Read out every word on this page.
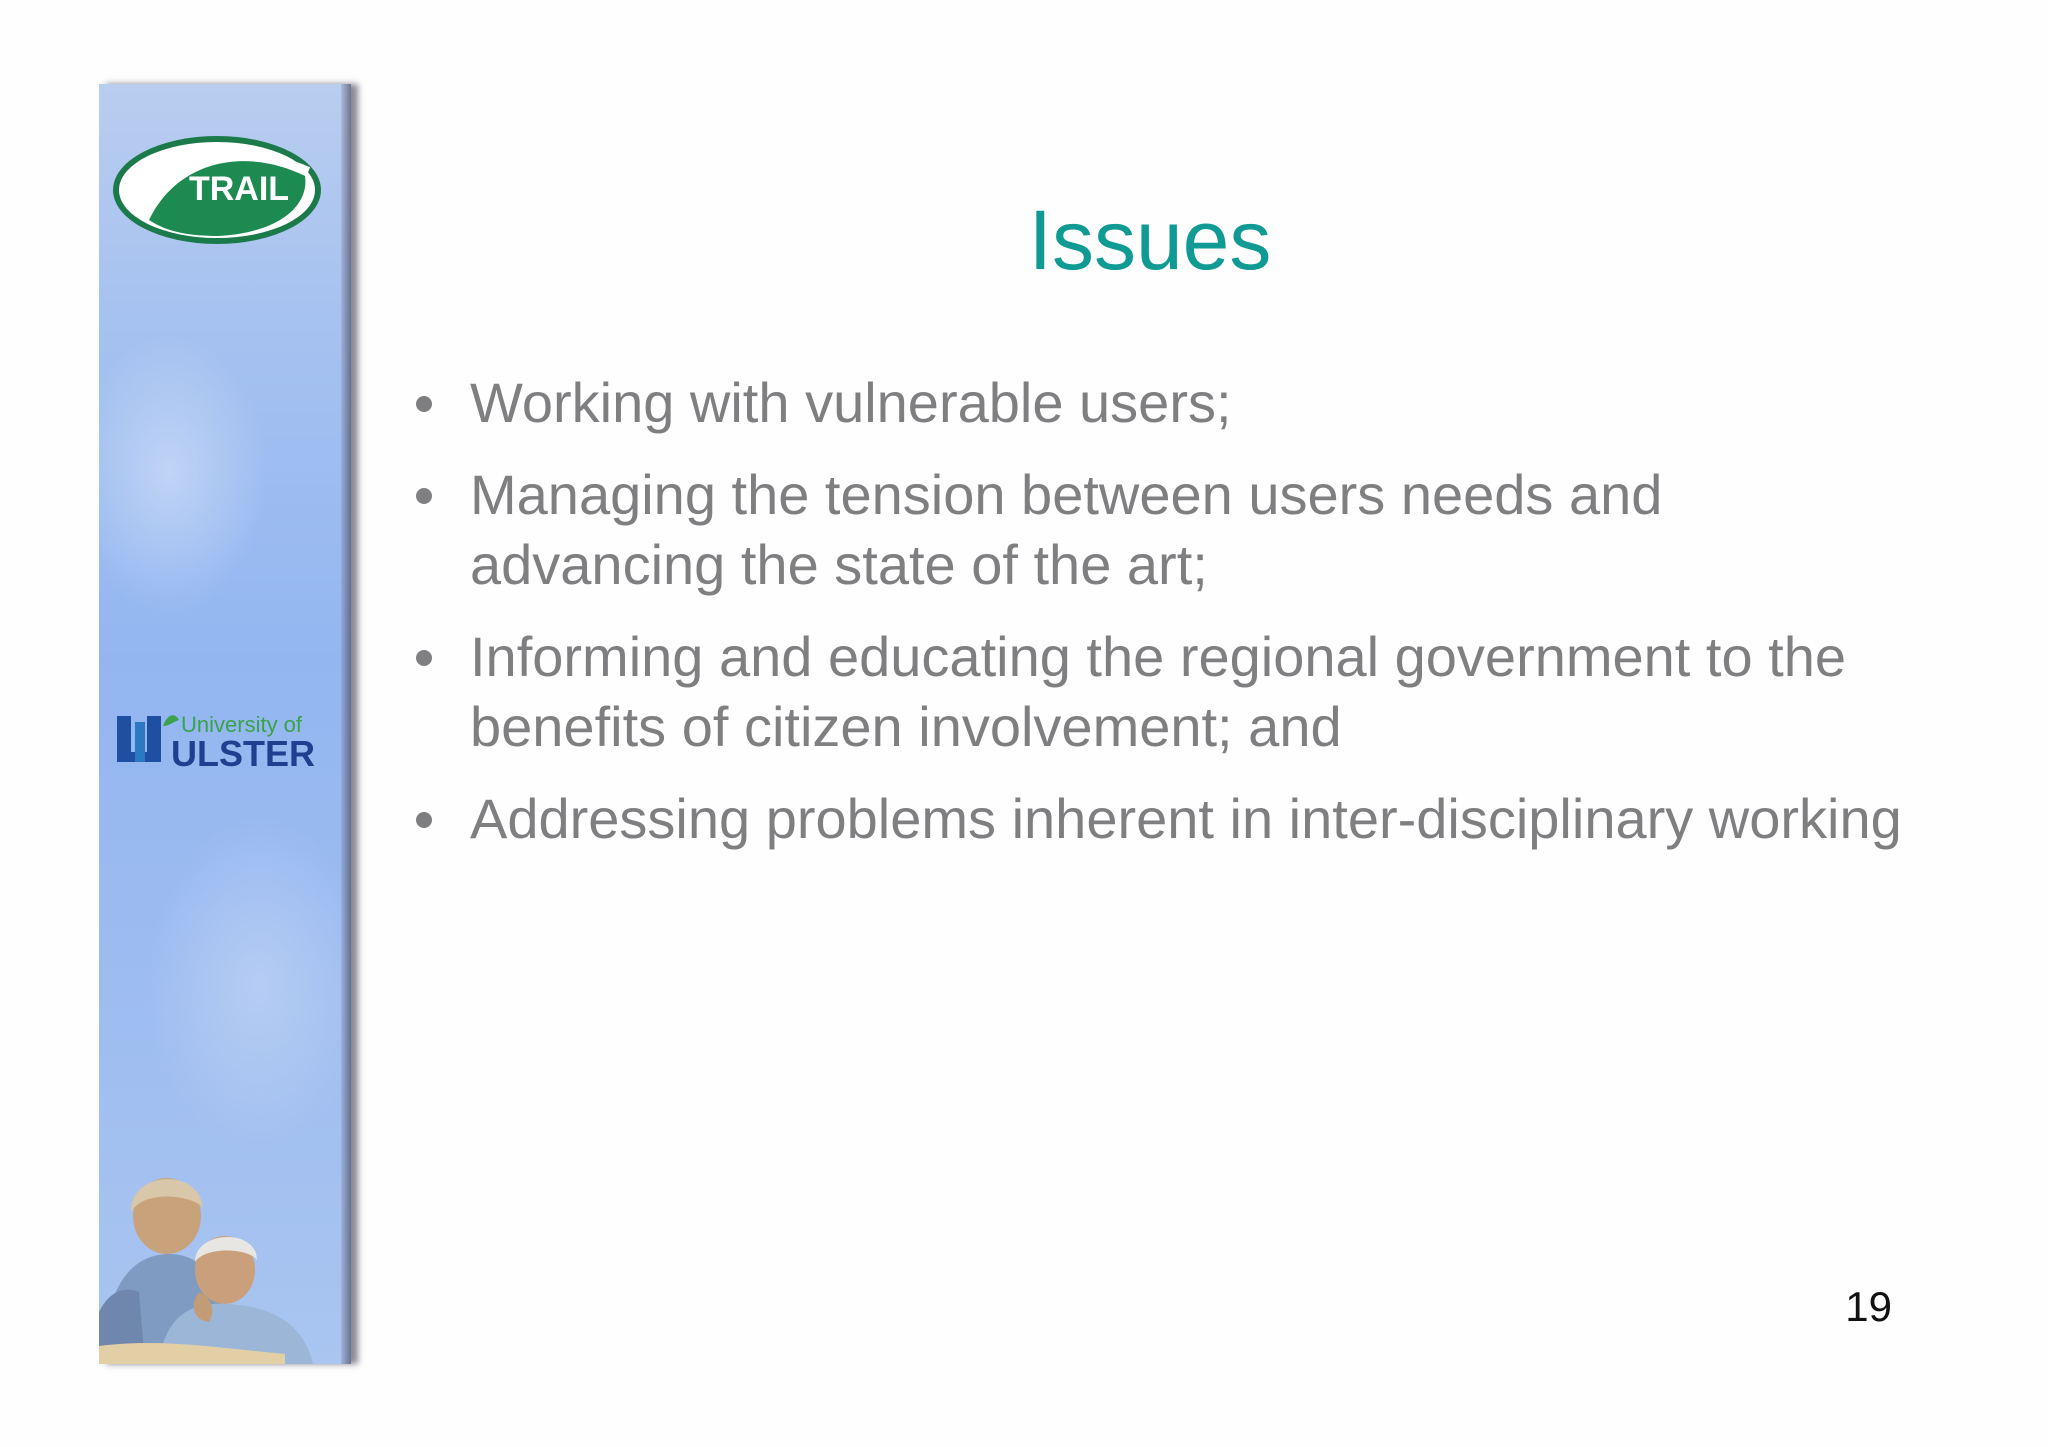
TRAIL
University of
ULSTER
Issues
Working with vulnerable users;
Managing the tension between users needs and advancing the state of the art;
Informing and educating the regional government to the benefits of citizen involvement; and
Addressing problems inherent in inter-disciplinary working
19
